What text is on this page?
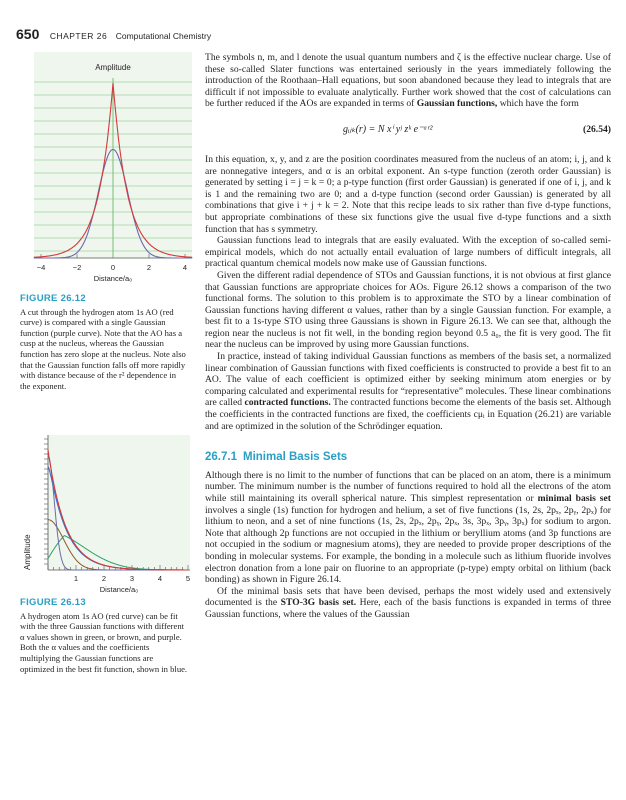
650 CHAPTER 26 Computational Chemistry
Amplitude
−4	−2	0	2	4
Distance/a₀
FIGURE 26.12
A cut through the hydrogen atom 1s AO (red curve) is compared with a single Gaussian function (purple curve). Note that the AO has a cusp at the nucleus, whereas the Gaussian function has zero slope at the nucleus. Note also that the Gaussian function falls off more rapidly with distance because of the r² dependence in the exponent.
Amplitude
1	2	3	4	5
Distance/a₀
FIGURE 26.13
A hydrogen atom 1s AO (red curve) can be fit with the three Gaussian functions with different α values shown in green, or brown, and purple. Both the α values and the coefficients multiplying the Gaussian functions are optimized in the best fit function, shown in blue.

The symbols n, m, and l denote the usual quantum numbers and ζ is the effective nuclear charge. Use of these so-called Slater functions was entertained seriously in the years immediately following the introduction of the Roothaan–Hall equations, but soon abandoned because they lead to integrals that are difficult if not impossible to evaluate analytically. Further work showed that the cost of calculations can be further reduced if the AOs are expanded in terms of Gaussian functions, which have the form

gᵢⱼₖ(r) = N xⁱ yʲ zᵏ e⁻ᵅʳ²	(26.54)

In this equation, x, y, and z are the position coordinates measured from the nucleus of an atom; i, j, and k are nonnegative integers, and α is an orbital exponent. An s-type function (zeroth order Gaussian) is generated by setting i = j = k = 0; a p-type function (first order Gaussian) is generated if one of i, j, and k is 1 and the remaining two are 0; and a d-type function (second order Gaussian) is generated by all combinations that give i + j + k = 2. Note that this recipe leads to six rather than five d-type functions, but appropriate combinations of these six functions give the usual five d-type functions and a sixth function that has s symmetry.

Gaussian functions lead to integrals that are easily evaluated. With the exception of so-called semi-empirical models, which do not actually entail evaluation of large numbers of difficult integrals, all practical quantum chemical models now make use of Gaussian functions.

Given the different radial dependence of STOs and Gaussian functions, it is not obvious at first glance that Gaussian functions are appropriate choices for AOs. Figure 26.12 shows a comparison of the two functional forms. The solution to this problem is to approximate the STO by a linear combination of Gaussian functions having different α values, rather than by a single Gaussian function. For example, a best fit to a 1s-type STO using three Gaussians is shown in Figure 26.13. We can see that, although the region near the nucleus is not fit well, in the bonding region beyond 0.5 a₀, the fit is very good. The fit near the nucleus can be improved by using more Gaussian functions.

In practice, instead of taking individual Gaussian functions as members of the basis set, a normalized linear combination of Gaussian functions with fixed coefficients is constructed to provide a best fit to an AO. The value of each coefficient is optimized either by seeking minimum atom energies or by comparing calculated and experimental results for “representative” molecules. These linear combinations are called contracted functions. The contracted functions become the elements of the basis set. Although the coefficients in the contracted functions are fixed, the coefficients cμᵢ in Equation (26.21) are variable and are optimized in the solution of the Schrödinger equation.

26.7.1 Minimal Basis Sets

Although there is no limit to the number of functions that can be placed on an atom, there is a minimum number. The minimum number is the number of functions required to hold all the electrons of the atom while still maintaining its overall spherical nature. This simplest representation or minimal basis set involves a single (1s) function for hydrogen and helium, a set of five functions (1s, 2s, 2pₓ, 2pᵧ, 2pₓ) for lithium to neon, and a set of nine functions (1s, 2s, 2pₓ, 2pᵧ, 2pₓ, 3s, 3pₓ, 3pᵧ, 3pₓ) for sodium to argon. Note that although 2p functions are not occupied in the lithium or beryllium atoms (and 3p functions are not occupied in the sodium or magnesium atoms), they are needed to provide proper descriptions of the bonding in molecular systems. For example, the bonding in a molecule such as lithium fluoride involves electron donation from a lone pair on fluorine to an appropriate (p-type) empty orbital on lithium (back bonding) as shown in Figure 26.14.

Of the minimal basis sets that have been devised, perhaps the most widely used and extensively documented is the STO-3G basis set. Here, each of the basis functions is expanded in terms of three Gaussian functions, where the values of the Gaussian
